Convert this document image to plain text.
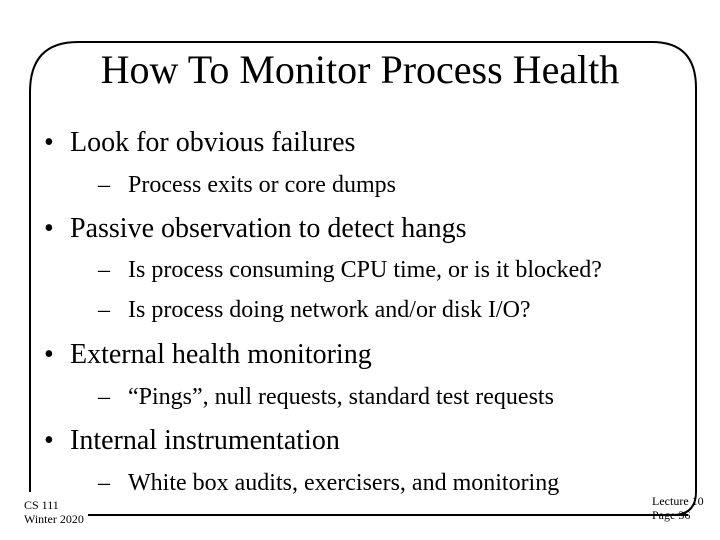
How To Monitor Process Health
• Look for obvious failures
– Process exits or core dumps
• Passive observation to detect hangs
– Is process consuming CPU time, or is it blocked?
– Is process doing network and/or disk I/O?
• External health monitoring
– “Pings”, null requests, standard test requests
• Internal instrumentation
– White box audits, exercisers, and monitoring
CS 111
Winter 2020
Lecture 10
Page 36
